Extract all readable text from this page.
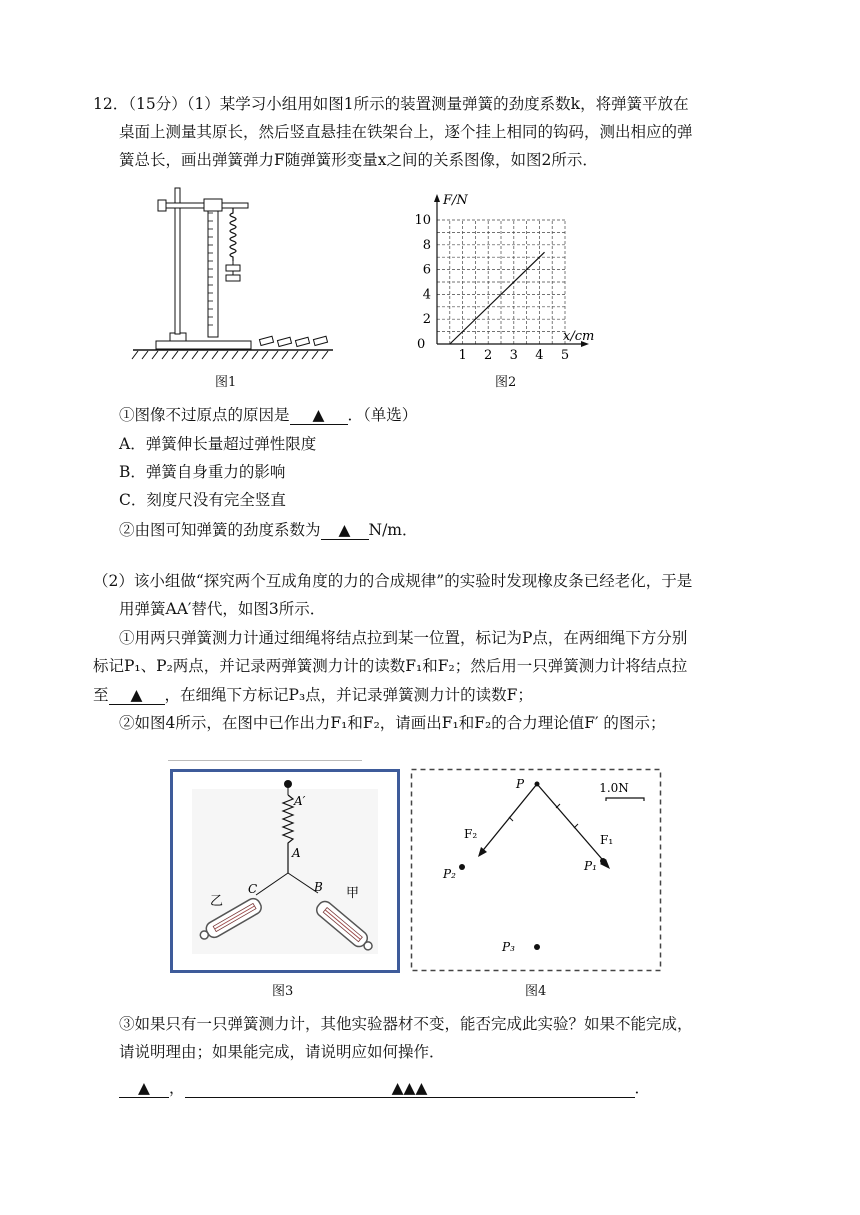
12．（15分）（1）某学习小组用如图1所示的装置测量弹簧的劲度系数k，将弹簧平放在
桌面上测量其原长，然后竖直悬挂在铁架台上，逐个挂上相同的钩码，测出相应的弹
簧总长，画出弹簧弹力F随弹簧形变量x之间的关系图像，如图2所示．
图1
F/N
x/cm
0
2
4
6
8
10
1 2 3 4 5
图2
①图像不过原点的原因是 ▲ ．（单选）
A．弹簧伸长量超过弹性限度
B．弹簧自身重力的影响
C．刻度尺没有完全竖直
②由图可知弹簧的劲度系数为 ▲ N/m．
（2）该小组做“探究两个互成角度的力的合成规律”的实验时发现橡皮条已经老化，于是
用弹簧AA′替代，如图3所示．
①用两只弹簧测力计通过细绳将结点拉到某一位置，标记为P点，在两细绳下方分别
标记P₁、P₂两点，并记录两弹簧测力计的读数F₁和F₂；然后用一只弹簧测力计将结点拉
至 ▲ ，在细绳下方标记P₃点，并记录弹簧测力计的读数F；
②如图4所示，在图中已作出力F₁和F₂，请画出F₁和F₂的合力理论值F′ 的图示；
A′
A
C	B
乙
甲
图3
1.0N
P
F₂	F₁
P₁
P₂
P₃
图4
③如果只有一只弹簧测力计，其他实验器材不变，能否完成此实验？如果不能完成，
请说明理由；如果能完成，请说明应如何操作．
▲ ，	▲▲▲	．
